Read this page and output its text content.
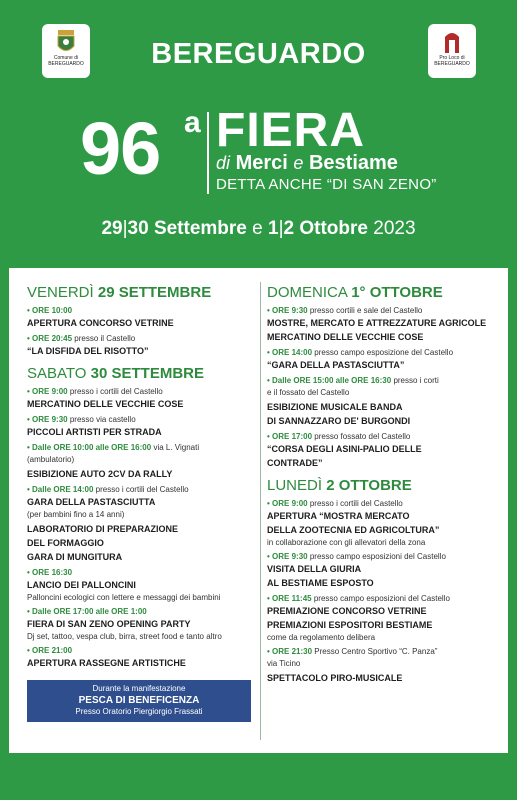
Comune di
BEREGUARDO
Pro Loco di
BEREGUARDO
BEREGUARDO
96 a FIERA
di Merci e Bestiame
DETTA ANCHE “DI SAN ZENO”
29|30 Settembre e 1|2 Ottobre 2023
VENERDÌ 29 SETTEMBRE
• ORE 10:00
APERTURA CONCORSO VETRINE
• ORE 20:45 presso il Castello
“LA DISFIDA DEL RISOTTO”
SABATO 30 SETTEMBRE
• ORE 9:00 presso i cortili del Castello
MERCATINO DELLE VECCHIE COSE
• ORE 9:30 presso via castello
PICCOLI ARTISTI PER STRADA
• Dalle ORE 10:00 alle ORE 16:00 via L. Vignati
(ambulatorio)
ESIBIZIONE AUTO 2CV DA RALLY
• Dalle ORE 14:00 presso i cortili del Castello
GARA DELLA PASTASCIUTTA
(per bambini fino a 14 anni)
LABORATORIO DI PREPARAZIONE
DEL FORMAGGIO
GARA DI MUNGITURA
• ORE 16:30
LANCIO DEI PALLONCINI
Palloncini ecologici con lettere e messaggi dei bambini
• Dalle ORE 17:00 alle ORE 1:00
FIERA DI SAN ZENO OPENING PARTY
Dj set, tattoo, vespa club, birra, street food e tanto altro
• ORE 21:00
APERTURA RASSEGNE ARTISTICHE
Durante la manifestazione
PESCA DI BENEFICENZA
Presso Oratorio Piergiorgio Frassati
DOMENICA 1° OTTOBRE
• ORE 9:30 presso cortili e sale del Castello
MOSTRE, MERCATO E ATTREZZATURE AGRICOLE
MERCATINO DELLE VECCHIE COSE
• ORE 14:00 presso campo esposizione del Castello
“GARA DELLA PASTASCIUTTA”
• Dalle ORE 15:00 alle ORE 16:30 presso i corti
e il fossato del Castello
ESIBIZIONE MUSICALE BANDA
DI SANNAZZARO DE' BURGONDI
• ORE 17:00 presso fossato del Castello
“CORSA DEGLI ASINI-PALIO DELLE
CONTRADE”
LUNEDÌ 2 OTTOBRE
• ORE 9:00 presso i cortili del Castello
APERTURA “MOSTRA MERCATO
DELLA ZOOTECNIA ED AGRICOLTURA”
in collaborazione con gli allevatori della zona
• ORE 9:30 presso campo esposizioni del Castello
VISITA DELLA GIURIA
AL BESTIAME ESPOSTO
• ORE 11:45 presso campo esposizioni del Castello
PREMIAZIONE CONCORSO VETRINE
PREMIAZIONI ESPOSITORI BESTIAME
come da regolamento delibera
• ORE 21:30 Presso Centro Sportivo “C. Panza”
via Ticino
SPETTACOLO PIRO-MUSICALE
